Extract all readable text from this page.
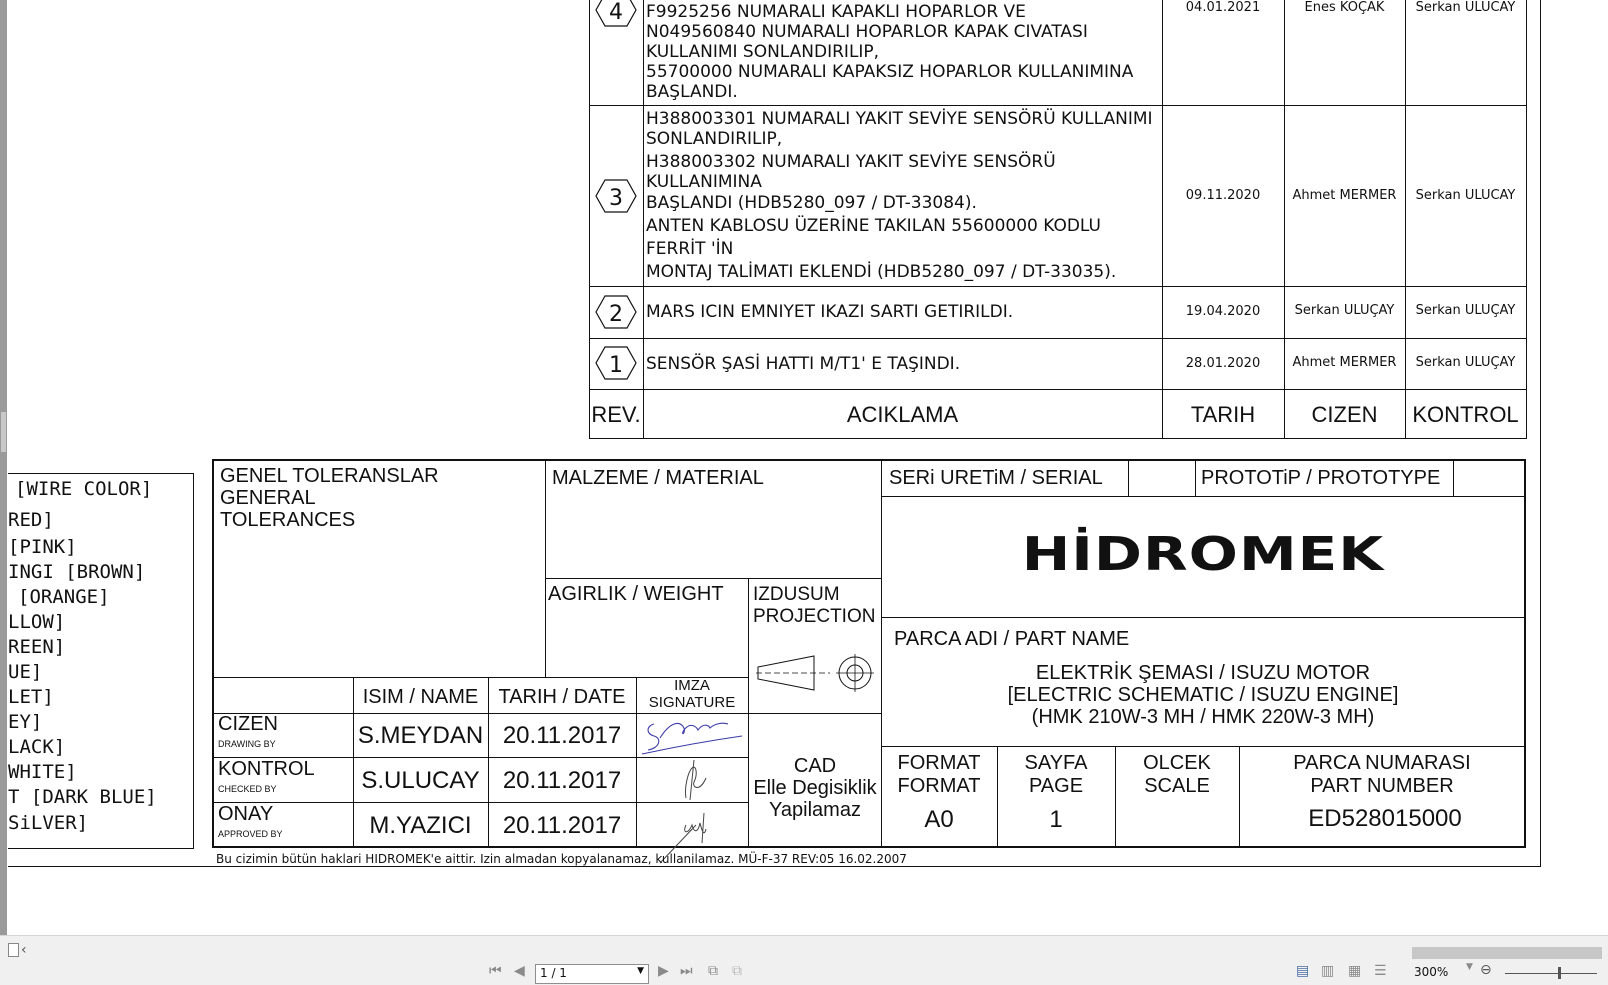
4 F9925256 NUMARALI KAPAKLI HOPARLOR VE
N049560840 NUMARALI HOPARLOR KAPAK CIVATASI
KULLANIMI SONLANDIRILIP,
55700000 NUMARALI KAPAKSIZ HOPARLOR KULLANIMINA
BAŞLANDI.
04.01.2021	Enes KOÇAK	Serkan ULUCAY
3
H388003301 NUMARALI YAKIT SEVİYE SENSÖRÜ KULLANIMI
SONLANDIRILIP,
H388003302 NUMARALI YAKIT SEVİYE SENSÖRÜ
KULLANIMINA
BAŞLANDI (HDB5280_097 / DT-33084).
ANTEN KABLOSU ÜZERİNE TAKILAN 55600000 KODLU
FERRİT 'İN
MONTAJ TALİMATI EKLENDİ (HDB5280_097 / DT-33035).
09.11.2020	Ahmet MERMER	Serkan ULUCAY
2 MARS ICIN EMNIYET IKAZI SARTI GETIRILDI.	19.04.2020	Serkan ULUÇAY	Serkan ULUÇAY
1 SENSÖR ŞASİ HATTI M/T1' E TAŞINDI.	28.01.2020	Ahmet MERMER	Serkan ULUÇAY
REV.	ACIKLAMA	TARIH	CIZEN	KONTROL
[WIRE COLOR]
RED]
[PINK]
INGI [BROWN]
[ORANGE]
LLOW]
REEN]
UE]
LET]
EY]
LACK]
WHITE]
T [DARK BLUE]
SiLVER]
GENEL TOLERANSLAR
GENERAL
TOLERANCES
MALZEME / MATERIAL
AGIRLIK / WEIGHT IZDUSUM
PROJECTION
ISIM / NAME	TARIH / DATE
IMZA
SIGNATURE
CIZEN
DRAWING BY	S.MEYDAN 20.11.2017
KONTROL
CHECKED BY	S.ULUCAY 20.11.2017
ONAY
APPROVED BY	M.YAZICI	20.11.2017
CAD
Elle Degisiklik
Yapilamaz
SERi URETiM / SERIAL	PROTOTiP / PROTOTYPE
HİDROMEK
PARCA ADI / PART NAME
ELEKTRİK ŞEMASI / ISUZU MOTOR
[ELECTRIC SCHEMATIC / ISUZU ENGINE]
(HMK 210W-3 MH / HMK 220W-3 MH)
FORMAT
FORMAT
A0
SAYFA
PAGE
1
OLCEK
SCALE
PARCA NUMARASI
PART NUMBER
ED528015000
Bu cizimin bütün haklari HIDROMEK'e aittir. Izin almadan kopyalanamaz, kullanilamaz. MÜ-F-37 REV:05 16.02.2007
‹
⏮ ◀ 1 / 1	▼ ▶ ⏭ ⧉ ⧉	▤ ▥ ▦ ☰ 300% ▼ ⊖
